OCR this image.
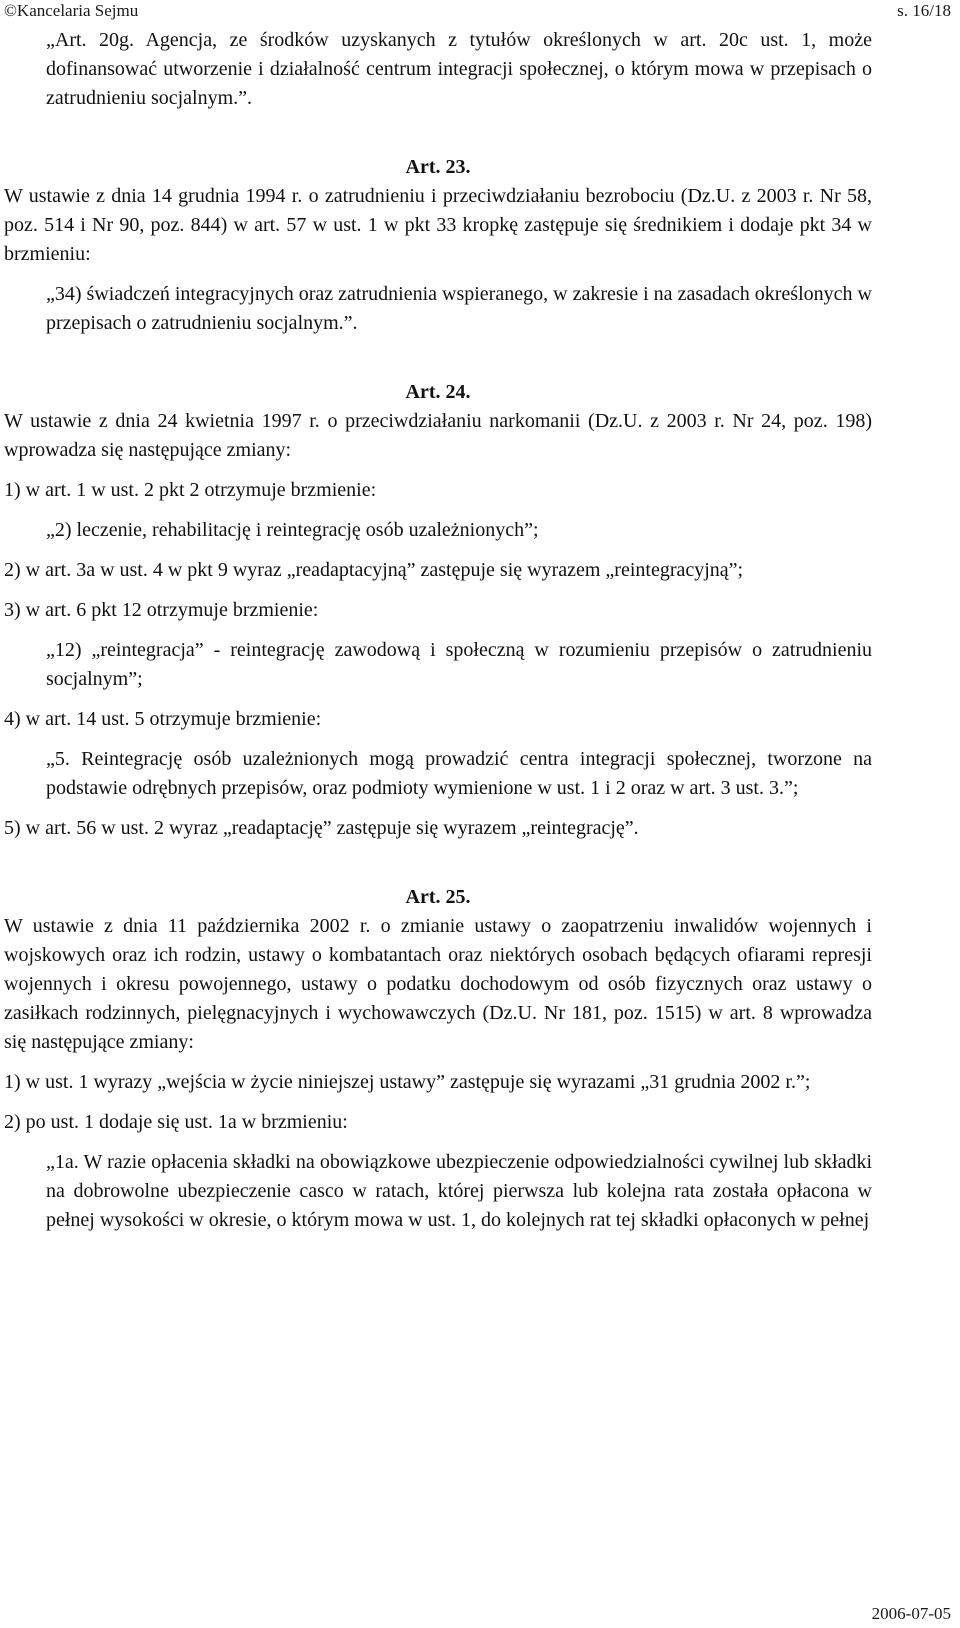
©Kancelaria Sejmu	s. 16/18

„Art. 20g. Agencja, ze środków uzyskanych z tytułów określonych w art. 20c ust. 1, może dofinansować utworzenie i działalność centrum integracji społecznej, o którym mowa w przepisach o zatrudnieniu socjalnym.”.

Art. 23.

W ustawie z dnia 14 grudnia 1994 r. o zatrudnieniu i przeciwdziałaniu bezrobociu (Dz.U. z 2003 r. Nr 58, poz. 514 i Nr 90, poz. 844) w art. 57 w ust. 1 w pkt 33 kropkę zastępuje się średnikiem i dodaje pkt 34 w brzmieniu:

„34) świadczeń integracyjnych oraz zatrudnienia wspieranego, w zakresie i na zasadach określonych w przepisach o zatrudnieniu socjalnym.”.

Art. 24.

W ustawie z dnia 24 kwietnia 1997 r. o przeciwdziałaniu narkomanii (Dz.U. z 2003 r. Nr 24, poz. 198) wprowadza się następujące zmiany:

1) w art. 1 w ust. 2 pkt 2 otrzymuje brzmienie:

„2) leczenie, rehabilitację i reintegrację osób uzależnionych”;

2) w art. 3a w ust. 4 w pkt 9 wyraz „readaptacyjną” zastępuje się wyrazem „reintegracyjną”;

3) w art. 6 pkt 12 otrzymuje brzmienie:

„12) „reintegracja” - reintegrację zawodową i społeczną w rozumieniu przepisów o zatrudnieniu socjalnym”;

4) w art. 14 ust. 5 otrzymuje brzmienie:

„5. Reintegrację osób uzależnionych mogą prowadzić centra integracji społecznej, tworzone na podstawie odrębnych przepisów, oraz podmioty wymienione w ust. 1 i 2 oraz w art. 3 ust. 3.”;

5) w art. 56 w ust. 2 wyraz „readaptację” zastępuje się wyrazem „reintegrację”.

Art. 25.

W ustawie z dnia 11 października 2002 r. o zmianie ustawy o zaopatrzeniu inwalidów wojennych i wojskowych oraz ich rodzin, ustawy o kombatantach oraz niektórych osobach będących ofiarami represji wojennych i okresu powojennego, ustawy o podatku dochodowym od osób fizycznych oraz ustawy o zasiłkach rodzinnych, pielęgnacyjnych i wychowawczych (Dz.U. Nr 181, poz. 1515) w art. 8 wprowadza się następujące zmiany:

1) w ust. 1 wyrazy „wejścia w życie niniejszej ustawy” zastępuje się wyrazami „31 grudnia 2002 r.”;

2) po ust. 1 dodaje się ust. 1a w brzmieniu:

„1a. W razie opłacenia składki na obowiązkowe ubezpieczenie odpowiedzialności cywilnej lub składki na dobrowolne ubezpieczenie casco w ratach, której pierwsza lub kolejna rata została opłacona w pełnej wysokości w okresie, o którym mowa w ust. 1, do kolejnych rat tej składki opłaconych w pełnej

2006-07-05
